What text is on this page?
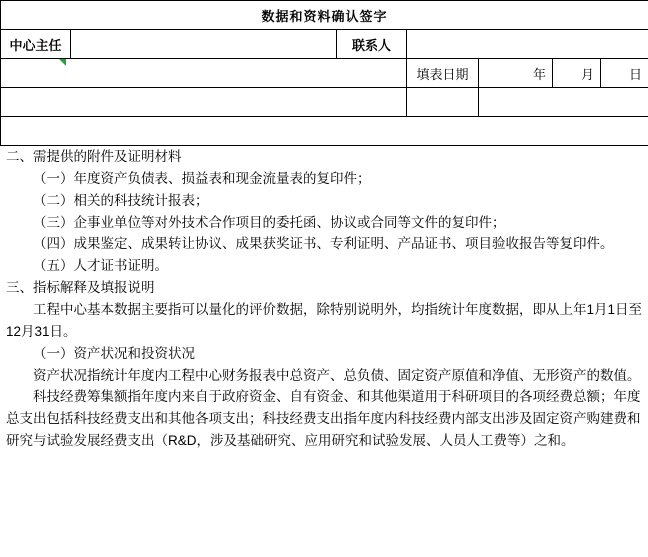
数据和资料确认签字						
中心主任		联系人				

			填表日期	年	月	日

二、需提供的附件及证明材料

（一）年度资产负债表、损益表和现金流量表的复印件；

（二）相关的科技统计报表；

（三）企事业单位等对外技术合作项目的委托函、协议或合同等文件的复印件；

（四）成果鉴定、成果转让协议、成果获奖证书、专利证明、产品证书、项目验收报告等复印件。

（五）人才证书证明。

三、指标解释及填报说明

工程中心基本数据主要指可以量化的评价数据，除特别说明外，均指统计年度数据，即从上年1月1日至12月31日。

（一）资产状况和投资状况

资产状况指统计年度内工程中心财务报表中总资产、总负债、固定资产原值和净值、无形资产的数值。

科技经费筹集额指年度内来自于政府资金、自有资金、和其他渠道用于科研项目的各项经费总额；年度总支出包括科技经费支出和其他各项支出；科技经费支出指年度内科技经费内部支出涉及固定资产购建费和研究与试验发展经费支出（R&D，涉及基础研究、应用研究和试验发展、人员人工费等）之和。
